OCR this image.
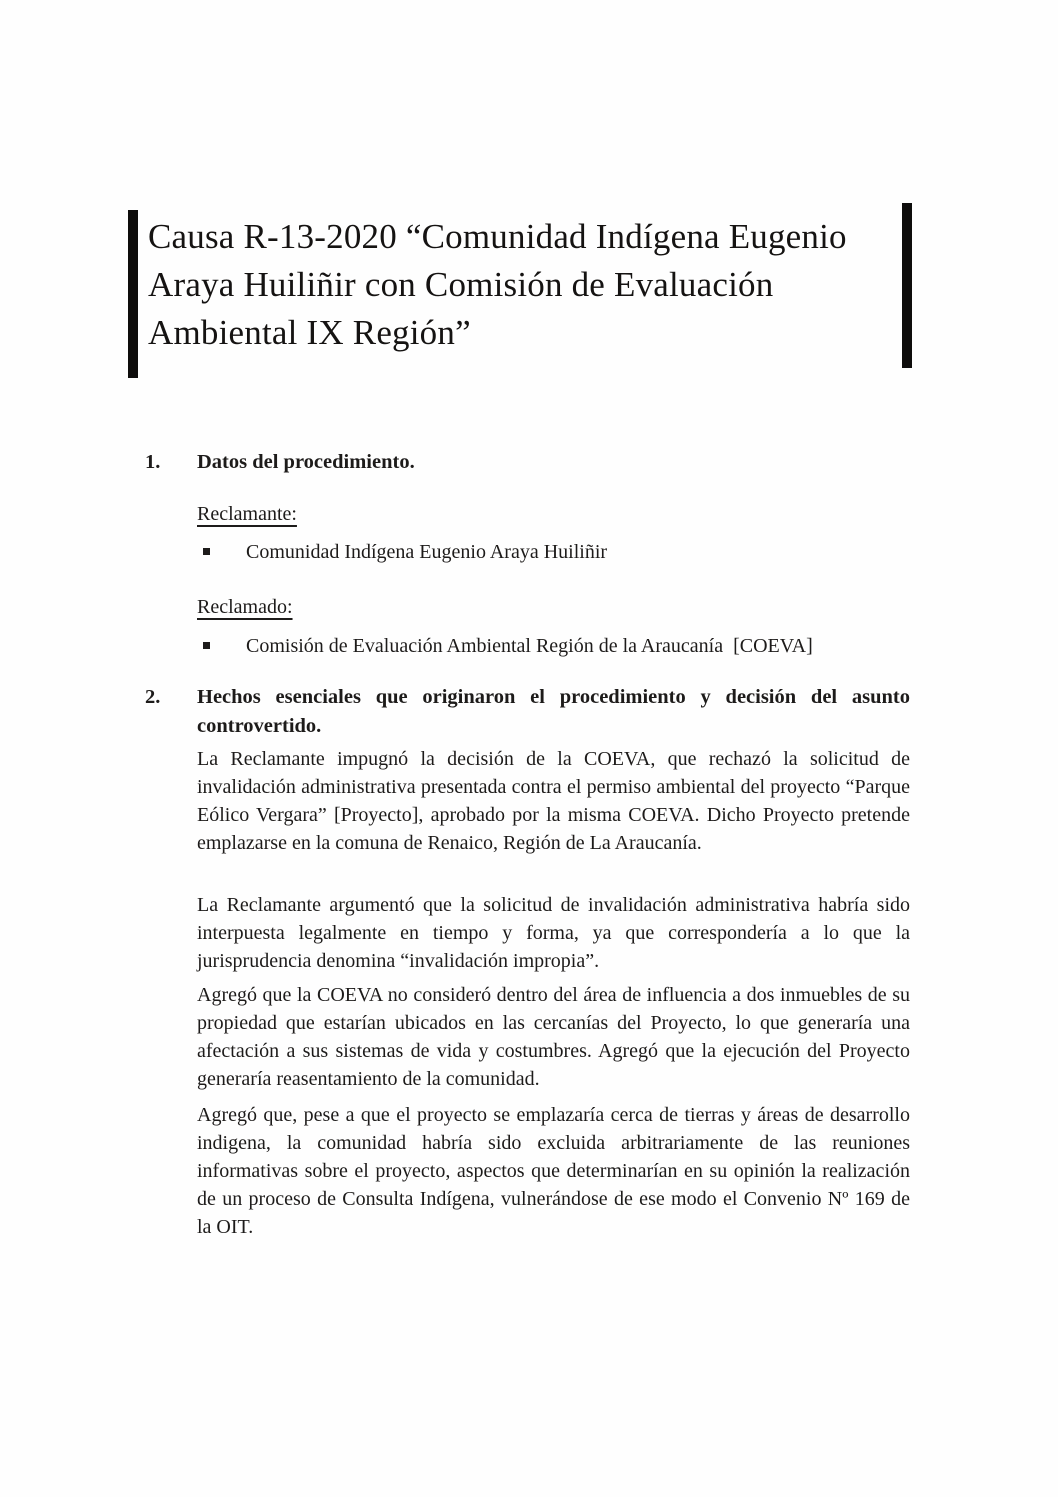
Causa R-13-2020 “Comunidad Indígena Eugenio
Araya Huiliñir con Comisión de Evaluación
Ambiental IX Región”
1.	Datos del procedimiento.
Reclamante:
Comunidad Indígena Eugenio Araya Huiliñir
Reclamado:
Comisión de Evaluación Ambiental Región de la Araucanía  [COEVA]
2.	Hechos esenciales que originaron el procedimiento y decisión del asunto
controvertido.
La Reclamante impugnó la decisión de la COEVA, que rechazó la solicitud de invalidación administrativa presentada contra el permiso ambiental del proyecto “Parque Eólico Vergara” [Proyecto], aprobado por la misma COEVA. Dicho Proyecto pretende emplazarse en la comuna de Renaico, Región de La Araucanía.
La Reclamante argumentó que la solicitud de invalidación administrativa habría sido interpuesta legalmente en tiempo y forma, ya que correspondería a lo que la jurisprudencia denomina “invalidación impropia”.
Agregó que la COEVA no consideró dentro del área de influencia a dos inmuebles de su propiedad que estarían ubicados en las cercanías del Proyecto, lo que generaría una afectación a sus sistemas de vida y costumbres. Agregó que la ejecución del Proyecto generaría reasentamiento de la comunidad.
Agregó que, pese a que el proyecto se emplazaría cerca de tierras y áreas de desarrollo indigena, la comunidad habría sido excluida arbitrariamente de las reuniones informativas sobre el proyecto, aspectos que determinarían en su opinión la realización de un proceso de Consulta Indígena, vulnerándose de ese modo el Convenio Nº 169 de la OIT.
